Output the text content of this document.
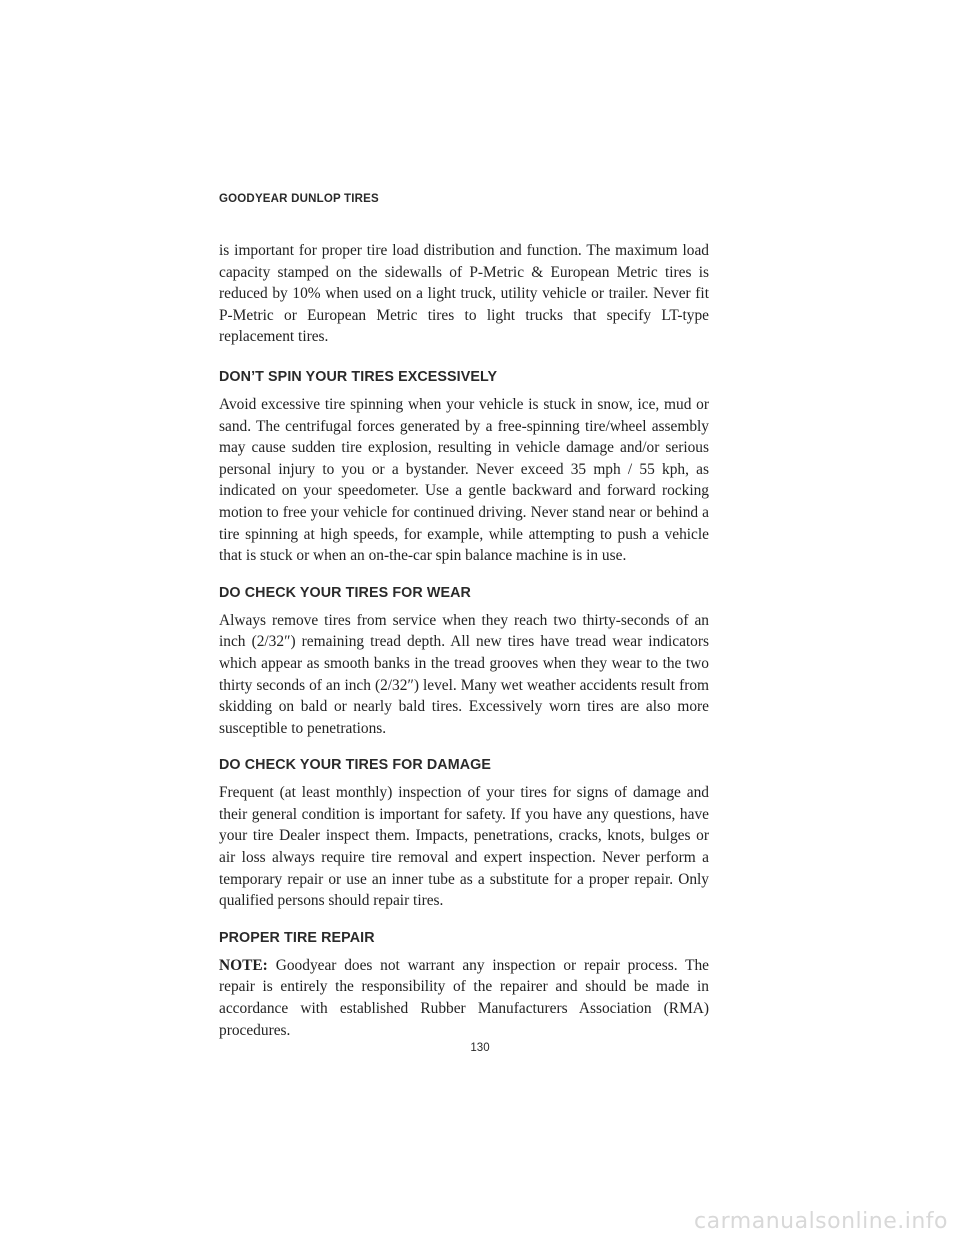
GOODYEAR DUNLOP TIRES

is important for proper tire load distribution and function. The maximum load capacity stamped on the sidewalls of P-Metric & European Metric tires is reduced by 10% when used on a light truck, utility vehicle or trailer. Never fit P-Metric or European Metric tires to light trucks that specify LT-type replacement tires.

DON’T SPIN YOUR TIRES EXCESSIVELY

Avoid excessive tire spinning when your vehicle is stuck in snow, ice, mud or sand. The centrifugal forces generated by a free-spinning tire/wheel assembly may cause sudden tire explosion, resulting in vehicle damage and/or serious personal injury to you or a bystander. Never exceed 35 mph / 55 kph, as indicated on your speedometer. Use a gentle backward and forward rocking motion to free your vehicle for continued driving. Never stand near or behind a tire spinning at high speeds, for example, while attempting to push a vehicle that is stuck or when an on-the-car spin balance machine is in use.

DO CHECK YOUR TIRES FOR WEAR

Always remove tires from service when they reach two thirty-seconds of an inch (2/32″) remaining tread depth. All new tires have tread wear indicators which appear as smooth banks in the tread grooves when they wear to the two thirty seconds of an inch (2/32″) level. Many wet weather accidents result from skidding on bald or nearly bald tires. Excessively worn tires are also more susceptible to penetrations.

DO CHECK YOUR TIRES FOR DAMAGE

Frequent (at least monthly) inspection of your tires for signs of damage and their general condition is important for safety. If you have any questions, have your tire Dealer inspect them. Impacts, penetrations, cracks, knots, bulges or air loss always require tire removal and expert inspection. Never perform a temporary repair or use an inner tube as a substitute for a proper repair. Only qualified persons should repair tires.

PROPER TIRE REPAIR

NOTE: Goodyear does not warrant any inspection or repair process. The repair is entirely the responsibility of the repairer and should be made in accordance with established Rubber Manufacturers Association (RMA) procedures.

130
carmanualsonline.info
